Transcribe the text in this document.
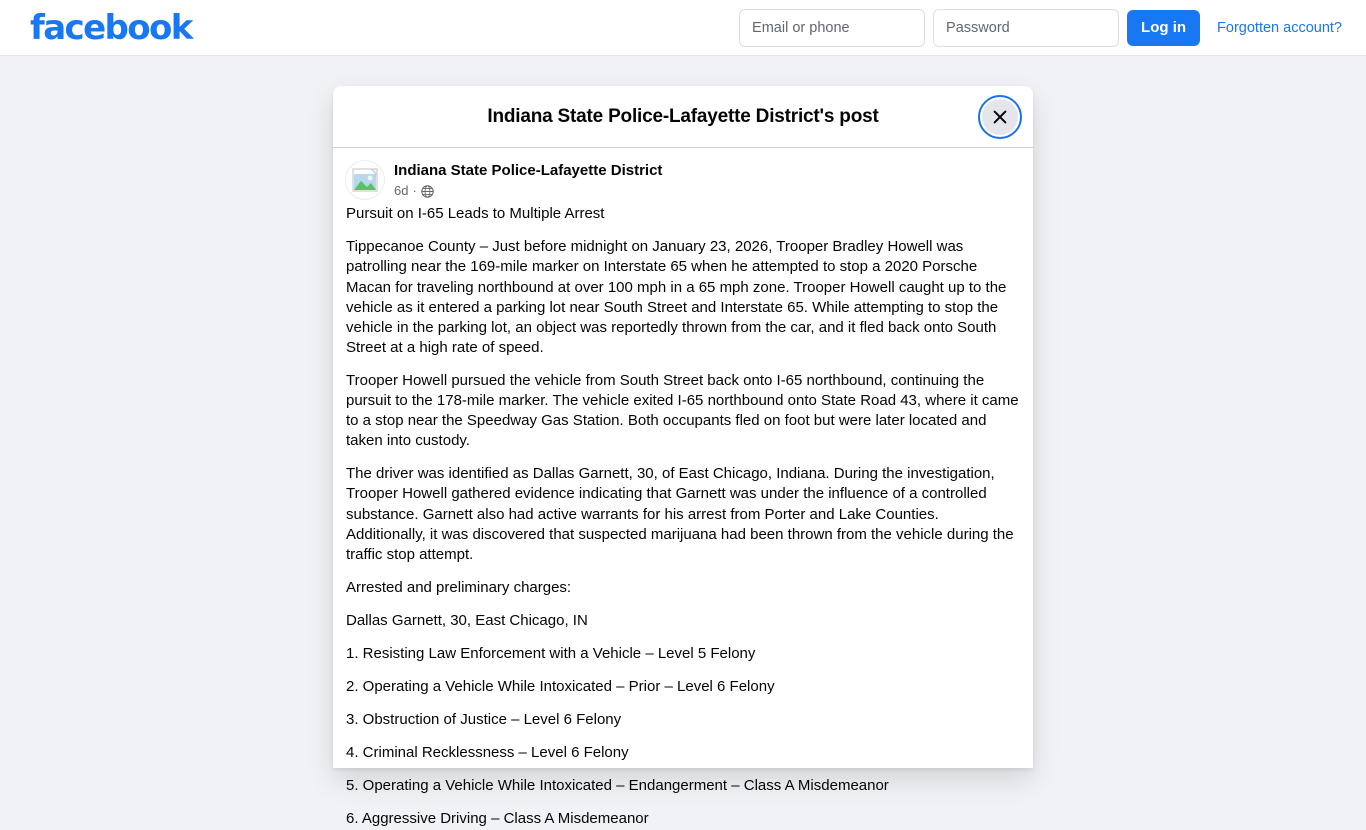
facebook
Email or phone	Log in	Forgotten account?
Indiana State Police-Lafayette District's post
Indiana State Police-Lafayette District
6d ·

Pursuit on I-65 Leads to Multiple Arrest

Tippecanoe County – Just before midnight on January 23, 2026, Trooper Bradley Howell was patrolling near the 169-mile marker on Interstate 65 when he attempted to stop a 2020 Porsche Macan for traveling northbound at over 100 mph in a 65 mph zone. Trooper Howell caught up to the vehicle as it entered a parking lot near South Street and Interstate 65. While attempting to stop the vehicle in the parking lot, an object was reportedly thrown from the car, and it fled back onto South Street at a high rate of speed.

Trooper Howell pursued the vehicle from South Street back onto I-65 northbound, continuing the pursuit to the 178-mile marker. The vehicle exited I-65 northbound onto State Road 43, where it came to a stop near the Speedway Gas Station. Both occupants fled on foot but were later located and taken into custody.

The driver was identified as Dallas Garnett, 30, of East Chicago, Indiana. During the investigation, Trooper Howell gathered evidence indicating that Garnett was under the influence of a controlled substance. Garnett also had active warrants for his arrest from Porter and Lake Counties. Additionally, it was discovered that suspected marijuana had been thrown from the vehicle during the traffic stop attempt.

Arrested and preliminary charges:

Dallas Garnett, 30, East Chicago, IN

1. Resisting Law Enforcement with a Vehicle – Level 5 Felony

2. Operating a Vehicle While Intoxicated – Prior – Level 6 Felony

3. Obstruction of Justice – Level 6 Felony

4. Criminal Recklessness – Level 6 Felony

5. Operating a Vehicle While Intoxicated – Endangerment – Class A Misdemeanor

6. Aggressive Driving – Class A Misdemeanor
